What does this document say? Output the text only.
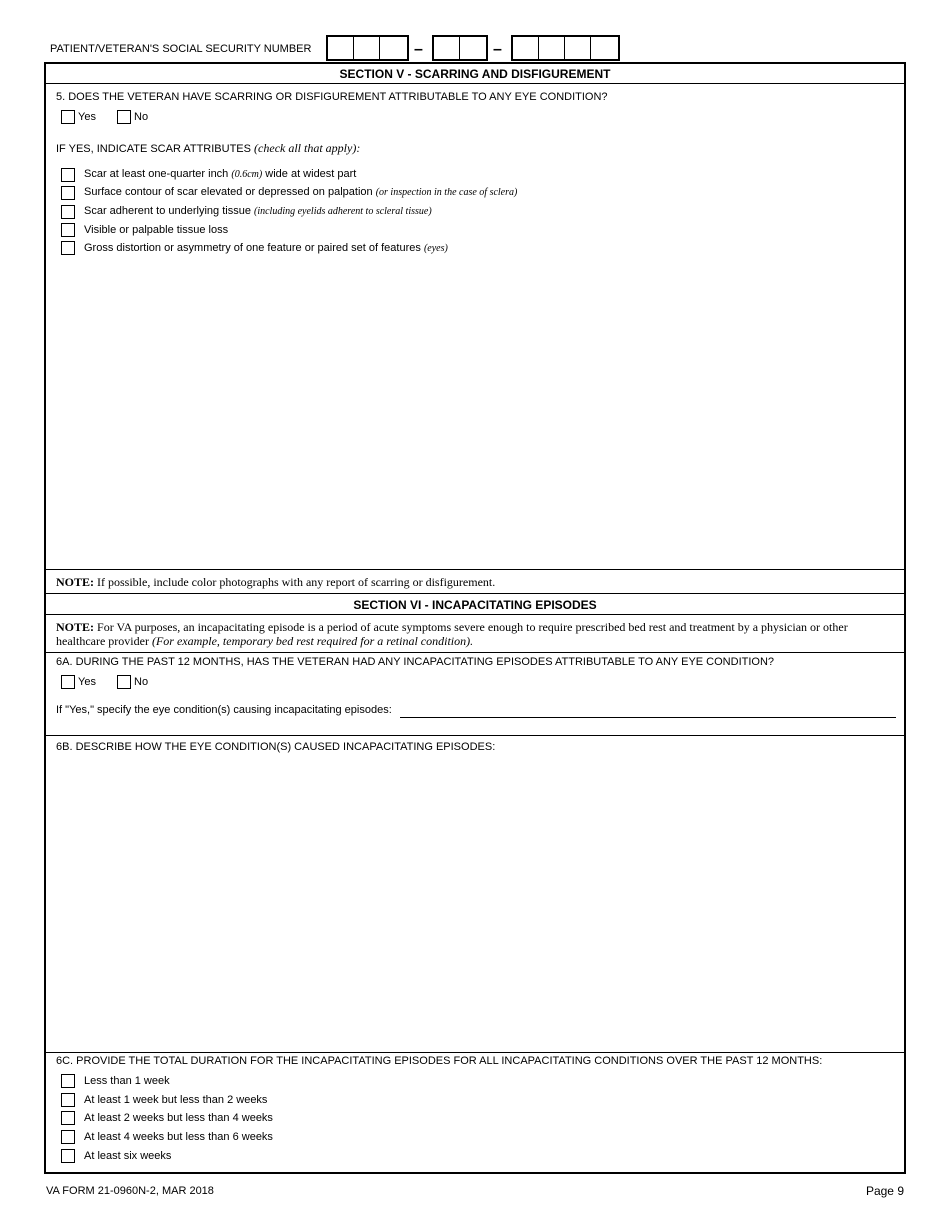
PATIENT/VETERAN'S SOCIAL SECURITY NUMBER	–	–
SECTION V - SCARRING AND DISFIGUREMENT
5. DOES THE VETERAN HAVE SCARRING OR DISFIGUREMENT ATTRIBUTABLE TO ANY EYE CONDITION?
Yes	No
IF YES, INDICATE SCAR ATTRIBUTES (check all that apply):
Scar at least one-quarter inch (0.6cm) wide at widest part
Surface contour of scar elevated or depressed on palpation (or inspection in the case of sclera)
Scar adherent to underlying tissue (including eyelids adherent to scleral tissue)
Visible or palpable tissue loss
Gross distortion or asymmetry of one feature or paired set of features (eyes)
NOTE: If possible, include color photographs with any report of scarring or disfigurement.
SECTION VI - INCAPACITATING EPISODES
NOTE: For VA purposes, an incapacitating episode is a period of acute symptoms severe enough to require prescribed bed rest and treatment by a physician or other healthcare provider (For example, temporary bed rest required for a retinal condition).
6A. DURING THE PAST 12 MONTHS, HAS THE VETERAN HAD ANY INCAPACITATING EPISODES ATTRIBUTABLE TO ANY EYE CONDITION?
Yes	No
If "Yes," specify the eye condition(s) causing incapacitating episodes:
6B. DESCRIBE HOW THE EYE CONDITION(S) CAUSED INCAPACITATING EPISODES:
6C. PROVIDE THE TOTAL DURATION FOR THE INCAPACITATING EPISODES FOR ALL INCAPACITATING CONDITIONS OVER THE PAST 12 MONTHS:
Less than 1 week
At least 1 week but less than 2 weeks
At least 2 weeks but less than 4 weeks
At least 4 weeks but less than 6 weeks
At least six weeks
VA FORM 21-0960N-2, MAR 2018	Page 9
